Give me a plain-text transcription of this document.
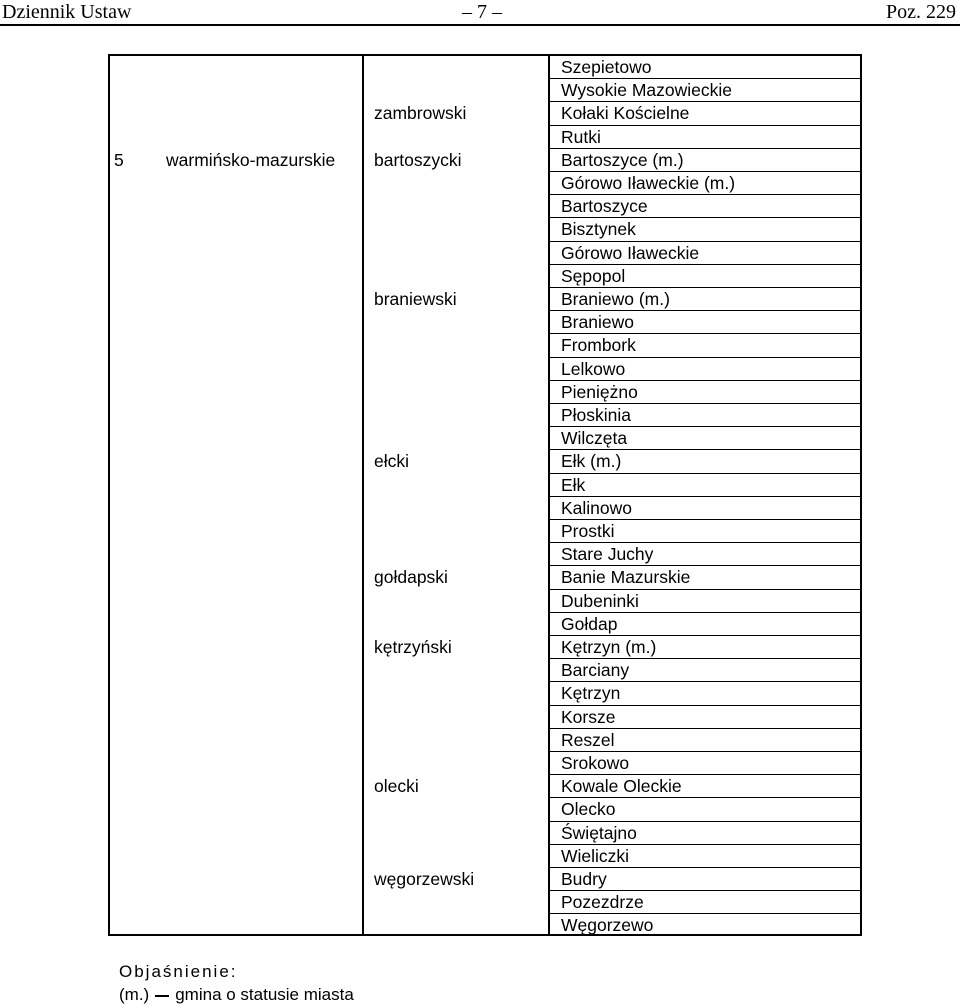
Dziennik Ustaw	– 7 –	Poz. 229
5 warmińsko-mazurskie
zambrowski
bartoszycki
braniewski
ełcki
gołdapski
kętrzyński
olecki
węgorzewski
Szepietowo
Wysokie Mazowieckie
Kołaki Kościelne
Rutki
Bartoszyce (m.)
Górowo Iławeckie (m.)
Bartoszyce
Bisztynek
Górowo Iławeckie
Sępopol
Braniewo (m.)
Braniewo
Frombork
Lelkowo
Pieniężno
Płoskinia
Wilczęta
Ełk (m.)
Ełk
Kalinowo
Prostki
Stare Juchy
Banie Mazurskie
Dubeninki
Gołdap
Kętrzyn (m.)
Barciany
Kętrzyn
Korsze
Reszel
Srokowo
Kowale Oleckie
Olecko
Świętajno
Wieliczki
Budry
Pozezdrze
Węgorzewo
Objaśnienie:
(m.) gmina o statusie miasta
